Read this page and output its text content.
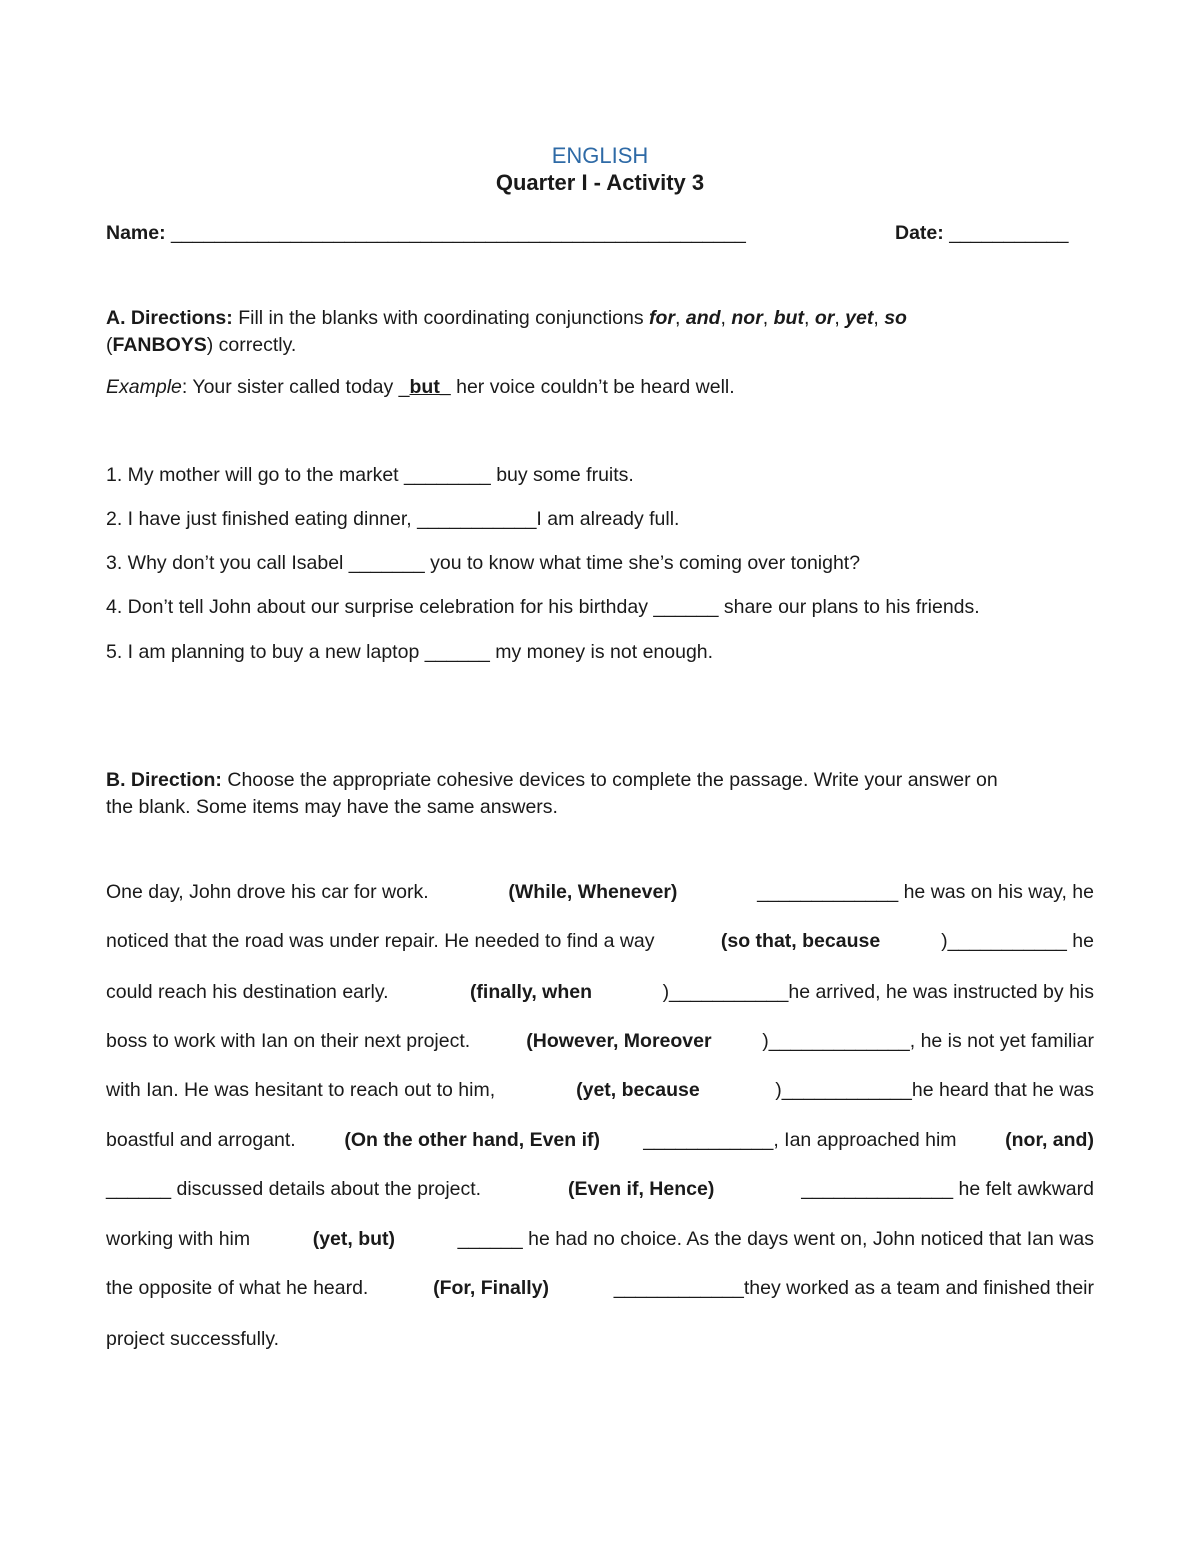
ENGLISH
Quarter I - Activity 3
Name: _____________________________________________________	Date: ___________
A. Directions: Fill in the blanks with coordinating conjunctions for, and, nor, but, or, yet, so
(FANBOYS) correctly.
Example: Your sister called today _but_ her voice couldn’t be heard well.
1. My mother will go to the market ________ buy some fruits.
2. I have just finished eating dinner, ___________I am already full.
3. Why don’t you call Isabel _______ you to know what time she’s coming over tonight?
4. Don’t tell John about our surprise celebration for his birthday ______ share our plans to his friends.
5. I am planning to buy a new laptop ______ my money is not enough.
B. Direction: Choose the appropriate cohesive devices to complete the passage. Write your answer on
the blank. Some items may have the same answers.
One day, John drove his car for work.	(While, Whenever)	_____________ he was on his way, he
noticed that the road was under repair. He needed to find a way	(so that, because	)___________ he
could reach his destination early.	(finally, when	)___________he arrived, he was instructed by his
boss to work with Ian on their next project.	(However, Moreover	)_____________, he is not yet familiar
with Ian. He was hesitant to reach out to him,	(yet, because	)____________he heard that he was
boastful and arrogant. (On the other hand, Even if) ____________, Ian approached him (nor, and)
______ discussed details about the project.	(Even if, Hence)	______________ he felt awkward
working with him	(yet, but)	______ he had no choice. As the days went on, John noticed that Ian was
the opposite of what he heard.	(For, Finally)	____________they worked as a team and finished their
project successfully.
